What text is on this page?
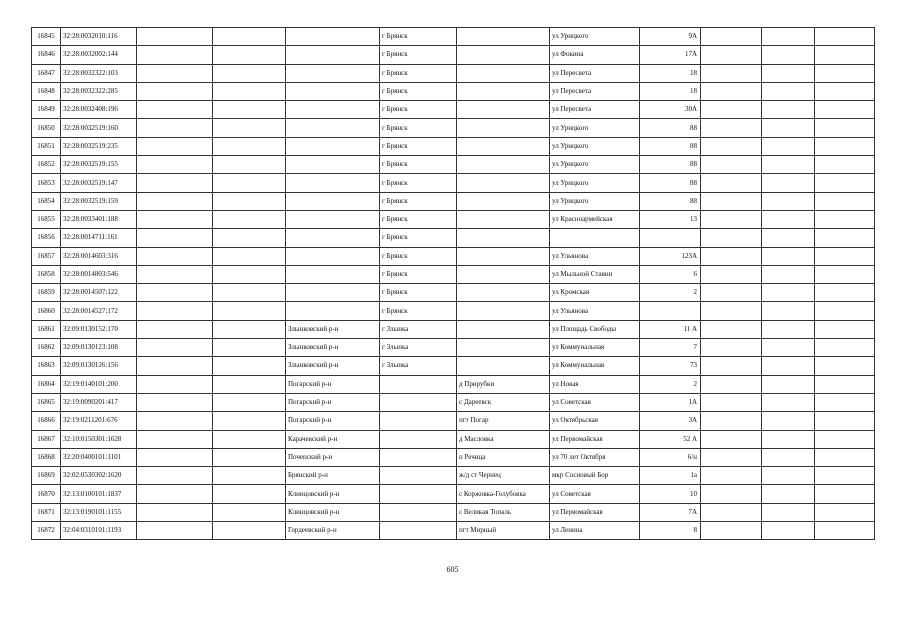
16845	32:28:0032010:116				г Брянск		ул Урицкого	9А			
16846	32:28:0032002:144				г Брянск		ул Фокина	17А			
16847	32:28:0032322:103				г Брянск		ул Пересвета	18			
16848	32:28:0032322:285				г Брянск		ул Пересвета	18			
16849	32:28:0032408:196				г Брянск		ул Пересвета	30А			
16850	32:28:0032519:160				г Брянск		ул Урицкого	88			
16851	32:28:0032519:235				г Брянск		ул Урицкого	88			
16852	32:28:0032519:155				г Брянск		ул Урицкого	88			
16853	32:28:0032519:147				г Брянск		ул Урицкого	88			
16854	32:28:0032519:159				г Брянск		ул Урицкого	88			
16855	32:28:0033401:188				г Брянск		ул Красноармейская	13			
16856	32:28:0014711:161				г Брянск						
16857	32:28:0014603:316				г Брянск		ул Ульянова	123А			
16858	32:28:0014803:546				г Брянск		ул Мыльной Ставни	6			
16859	32:28:0014507:122				г Брянск		ул Кромская	2			
16860	32:28:0014527:172				г Брянск		ул Ульянова				
16861	32:09:0130152:170			Злынковский р-н	г Злынка		ул Площадь Свободы	11 А			
16862	32:09:0130123:108			Злынковский р-н	г Злынка		ул Коммунальная	7			
16863	32:09:0130126:156			Злынковский р-н	г Злынка		ул Коммунальная	73			
16864	32:19:0140101:200			Погарский р-н		д Прирубки	ул Новая	2			
16865	32:19:0090201:417			Погарский р-н		с Дареевск	ул Советская	1А			
16866	32:19:0211201:676			Погарский р-н		пгт Погар	ул Октябрьская	3А			
16867	32:10:0150301:1628			Карачевский р-н		д Масловка	ул Первомайская	52 А			
16868	32:20:0400101:1101			Почепский р-н		п Речица	ул 70 лет Октября	6/н			
16869	32:02:0530302:1620			Брянский р-н		ж/д ст Чернец	мкр Сосновый Бор	1а			
16870	32:13:0100101:1837			Клинцовский р-н		с Коржовка-Голубовка	ул Советская	10			
16871	32:13:0190101:1155			Клинцовский р-н		с Великая Топаль	ул Первомайская	7А			
16872	32:04:0310101:1193			Гордеевский р-н		пгт Мирный	ул Ленина	8			
605
